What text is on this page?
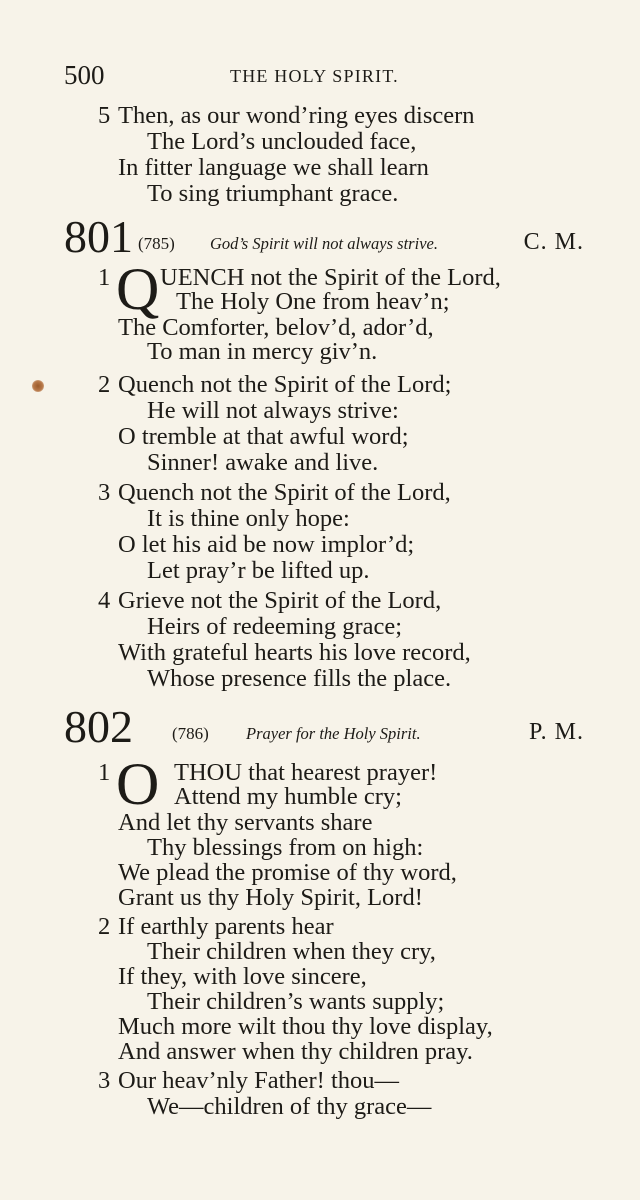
500	THE HOLY SPIRIT.
5 Then, as our wond’ring eyes discern
The Lord’s unclouded face,
In fitter language we shall learn
To sing triumphant grace.
801 (785) God’s Spirit will not always strive.	C. M.
1 Q UENCH not the Spirit of the Lord,
The Holy One from heav’n;
The Comforter, belov’d, ador’d,
To man in mercy giv’n.
2 Quench not the Spirit of the Lord;
He will not always strive:
O tremble at that awful word;
Sinner! awake and live.
3 Quench not the Spirit of the Lord,
It is thine only hope:
O let his aid be now implor’d;
Let pray’r be lifted up.
4 Grieve not the Spirit of the Lord,
Heirs of redeeming grace;
With grateful hearts his love record,
Whose presence fills the place.
802 (786) Prayer for the Holy Spirit.	P. M.
1 O THOU that hearest prayer!
Attend my humble cry;
And let thy servants share
Thy blessings from on high:
We plead the promise of thy word,
Grant us thy Holy Spirit, Lord!
2 If earthly parents hear
Their children when they cry,
If they, with love sincere,
Their children’s wants supply;
Much more wilt thou thy love display,
And answer when thy children pray.
3 Our heav’nly Father! thou—
We—children of thy grace—
